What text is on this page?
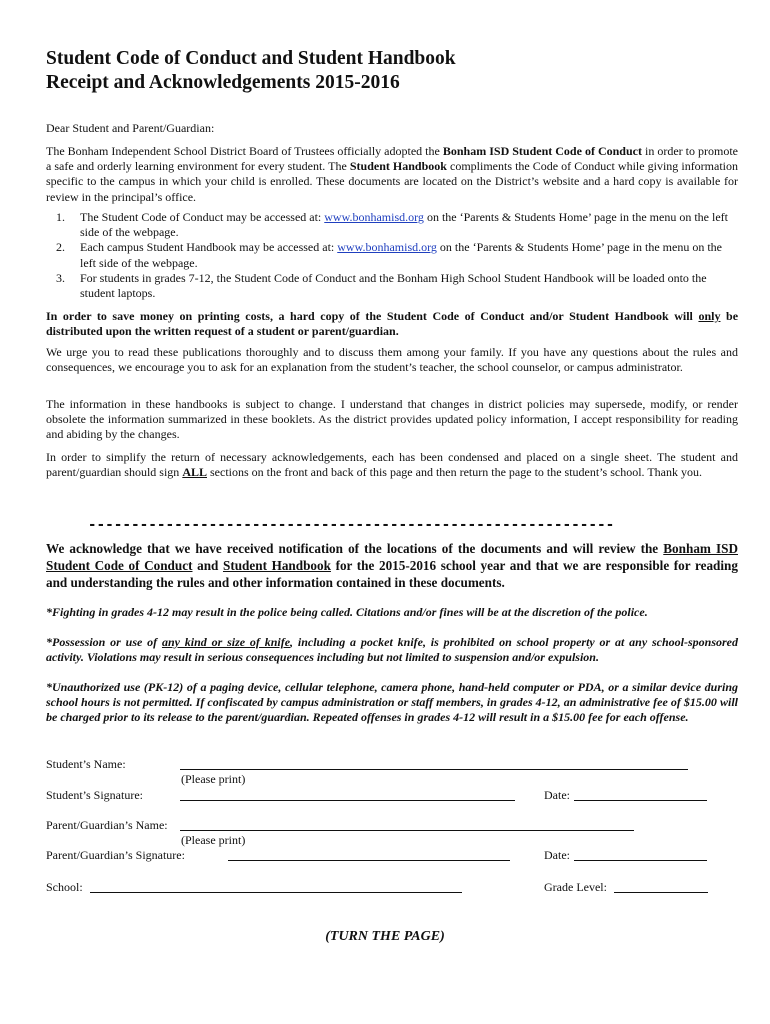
Student Code of Conduct and Student Handbook
Receipt and Acknowledgements 2015-2016

Dear Student and Parent/Guardian:

The Bonham Independent School District Board of Trustees officially adopted the Bonham ISD Student Code of Conduct in order to promote a safe and orderly learning environment for every student. The Student Handbook compliments the Code of Conduct while giving information specific to the campus in which your child is enrolled. These documents are located on the District’s website and a hard copy is available for review in the principal’s office.

1. The Student Code of Conduct may be accessed at: www.bonhamisd.org on the ‘Parents & Students Home’ page in the menu on the left side of the webpage.
2. Each campus Student Handbook may be accessed at: www.bonhamisd.org on the ‘Parents & Students Home’ page in the menu on the left side of the webpage.
3. For students in grades 7-12, the Student Code of Conduct and the Bonham High School Student Handbook will be loaded onto the student laptops.

In order to save money on printing costs, a hard copy of the Student Code of Conduct and/or Student Handbook will only be distributed upon the written request of a student or parent/guardian.

We urge you to read these publications thoroughly and to discuss them among your family. If you have any questions about the rules and consequences, we encourage you to ask for an explanation from the student’s teacher, the school counselor, or campus administrator.

The information in these handbooks is subject to change. I understand that changes in district policies may supersede, modify, or render obsolete the information summarized in these booklets. As the district provides updated policy information, I accept responsibility for reading and abiding by the changes.

In order to simplify the return of necessary acknowledgements, each has been condensed and placed on a single sheet. The student and parent/guardian should sign ALL sections on the front and back of this page and then return the page to the student’s school. Thank you.

-------------------------------------------------------------

We acknowledge that we have received notification of the locations of the documents and will review the Bonham ISD Student Code of Conduct and Student Handbook for the 2015-2016 school year and that we are responsible for reading and understanding the rules and other information contained in these documents.

*Fighting in grades 4-12 may result in the police being called. Citations and/or fines will be at the discretion of the police.

*Possession or use of any kind or size of knife, including a pocket knife, is prohibited on school property or at any school-sponsored activity. Violations may result in serious consequences including but not limited to suspension and/or expulsion.

*Unauthorized use (PK-12) of a paging device, cellular telephone, camera phone, hand-held computer or PDA, or a similar device during school hours is not permitted. If confiscated by campus administration or staff members, in grades 4-12, an administrative fee of $15.00 will be charged prior to its release to the parent/guardian. Repeated offenses in grades 4-12 will result in a $15.00 fee for each offense.

Student’s Name:
(Please print)
Student’s Signature:	Date:
Parent/Guardian’s Name:
(Please print)
Parent/Guardian’s Signature:	Date:
School:	Grade Level:
(TURN THE PAGE)
